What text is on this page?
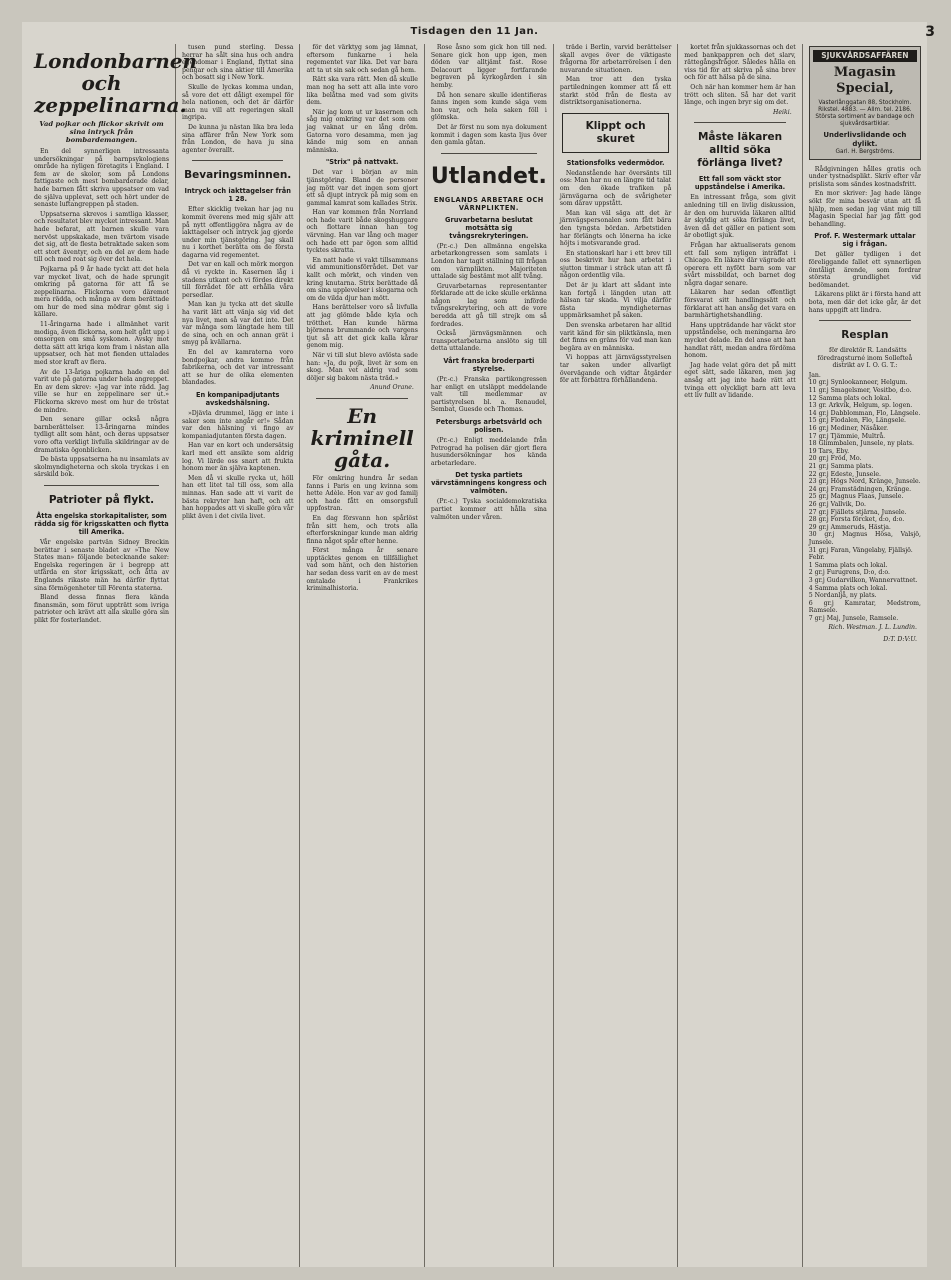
Tisdagen den 11 Jan.	3
Londonbarnen och zeppelinarna.
Vad pojkar och flickor skrivit om sina intryck från bombardemangen.

En del synnerligen intressanta undersökningar på barnpsykologiens område ha nyligen företagits i England. I fem av de skolor, som på Londons fattigaste och mest bombarderade delar, hade barnen fått skriva uppsatser om vad de själva upplevat, sett och hört under de senaste luftangreppen på staden.

Uppsatserna skrevos i samtliga klasser, och resultatet blev mycket intressant. Man hade befarat, att barnen skulle vara nervöst uppskakade, men tvärtom visade det sig, att de flesta betraktade saken som ett stort äventyr, och en del av dem hade till och med roat sig över det hela.

Pojkarna på 9 år hade tyckt att det hela var mycket livat, och de hade sprungit omkring på gatorna för att få se zeppelinarna. Flickorna voro däremot mera rädda, och många av dem berättade om hur de med sina mödrar gömt sig i källare.

11-åringarna hade i allmänhet varit modiga, även flickorna, som helt gått upp i omsorgen om små syskonen. Avsky mot detta sätt att kriga kom fram i nästan alla uppsatser, och hat mot fienden uttalades med stor kraft av flera.

Av de 13-åriga pojkarna hade en del varit ute på gatorna under hela angreppet. En av dem skrev: »Jag var inte rädd. Jag ville se hur en zeppelinare ser ut.» Flickorna skrevo mest om hur de tröstat de mindre.

Den senare gillar också några barnberättelser. 13-åringarna mindes tydligt allt som hänt, och deras uppsatser voro ofta verkligt livfulla skildringar av de dramatiska ögonblicken.

De bästa uppsatserna ha nu insamlats av skolmyndigheterna och skola tryckas i en särskild bok.

Patrioter på flykt.
Åtta engelska storkapitalister, som rädda sig för krigsskatten och flytta till Amerika.

Vår engelske partvän Sidney Breckin berättar i senaste bladet av »The New States man» följande betecknande saker: Engelska regeringen är i begrepp att utfärda en stor krigsskatt, och åtta av Englands rikaste män ha därför flyttat sina förmögenheter till Förenta staterna.

Bland dessa finnas flera kända finansmän, som förut uppträtt som ivriga patrioter och krävt att alla skulle göra sin plikt för fosterlandet.

tusen pund sterling. Dessa herrar ha sålt sina hus och andra egendomar i England, flyttat sina pengar och sina aktier till Amerika och bosatt sig i New York.

Skulle de lyckas komma undan, så vore det ett dåligt exempel för hela nationen, och det är därför man nu vill att regeringen skall ingripa.

De kunna ju nästan lika bra leda sina affärer från New York som från London, de hava ju sina agenter överallt.

Bevaringsminnen.
Intryck och iakttagelser från 1 28.

Efter skicklig tvekan har jag nu kommit överens med mig själv att på nytt offentliggöra några av de iakttagelser och intryck jag gjorde under min tjänstgöring. Jag skall nu i korthet berätta om de första dagarna vid regementet.

Det var en kall och mörk morgon då vi ryckte in. Kasernen låg i stadens utkant och vi fördes direkt till förrådet för att erhålla våra persedlar.

Man kan ju tycka att det skulle ha varit lätt att vänja sig vid det nya livet, men så var det inte. Det var många som längtade hem till de sina, och en och annan grät i smyg på kvällarna.

En del av kamraterna voro bondpojkar, andra kommo från fabrikerna, och det var intressant att se hur de olika elementen blandades.

En kompanipadjutants avskedshälsning.

»Djävla drummel, lägg er inte i saker som inte angår er!» Sådan var den hälsning vi fingo av kompaniadjutanten första dagen.

Han var en kort och undersätsig karl med ett ansikte som aldrig log. Vi lärde oss snart att frukta honom mer än själva kaptenen.

Men då vi skulle rycka ut, höll han ett litet tal till oss, som alla minnas. Han sade att vi varit de bästa rekryter han haft, och att han hoppades att vi skulle göra vår plikt även i det civila livet.

för det värktyg som jag lämnat, eftersom funkarne i hela regementet var lika. Det var bara att ta ut sin sak och sedan gå hem.

Rätt ska vara rätt. Men då skulle man nog ha sett att alla inte voro lika belåtna med vad som givits dem.

När jag kom ut ur kasernen och såg mig omkring var det som om jag vaknat ur en lång dröm. Gatorna voro desamma, men jag kände mig som en annan människa.

"Strix" på nattvakt.

Det var i början av min tjänstgöring. Bland de personer jag mött var det ingen som gjort ett så djupt intryck på mig som en gammal kamrat som kallades Strix.

Han var kommen från Norrland och hade varit både skogshuggare och flottare innan han tog värvning. Han var lång och mager och hade ett par ögon som alltid tycktes skratta.

En natt hade vi vakt tillsammans vid ammunitionsförrådet. Det var kallt och mörkt, och vinden ven kring knutarna. Strix berättade då om sina upplevelser i skogarna och om de vilda djur han mött.

Hans berättelser voro så livfulla att jag glömde både kyla och trötthet. Han kunde härma björnens brummande och vargens tjut så att det gick kalla kårar genom mig.

När vi till slut blevo avlösta sade han: »Ja, du pojk, livet är som en skog. Man vet aldrig vad som döljer sig bakom nästa träd.»

Anund Orane.
En kriminell gåta.

För omkring hundra år sedan fanns i Paris en ung kvinna som hette Adèle. Hon var av god familj och hade fått en omsorgsfull uppfostran.

En dag försvann hon spårlöst från sitt hem, och trots alla efterforskningar kunde man aldrig finna något spår efter henne.

Först många år senare upptäcktes genom en tillfällighet vad som hänt, och den historien har sedan dess varit en av de mest omtalade i Frankrikes kriminalhistoria.

Rose åsno som gick hon till ned. Senare gick hon upp igen, men döden var alltjämt fast. Rose Delacourt ligger fortfarande begraven på kyrkogården i sin hemby.

Då hon senare skulle identifieras fanns ingen som kunde säga vem hon var, och hela saken föll i glömska.

Det är först nu som nya dokument kommit i dagen som kasta ljus över den gamla gåtan.

Utlandet.
ENGLANDS ARBETARE OCH VÄRNPLIKTEN.
Gruvarbetarna beslutat motsätta sig tvångsrekryteringen.

(Pr.-c.) Den allmänna engelska arbetarkongressen som samlats i London har tagit ställning till frågan om värnplikten. Majoriteten uttalade sig bestämt mot allt tvång.

Gruvarbetarnas representanter förklarade att de icke skulle erkänna någon lag som införde tvångsrekrytering, och att de vore beredda att gå till strejk om så fordrades.

Också järnvägsmännen och transportarbetarna anslöto sig till detta uttalande.

Vårt franska broderparti styrelse.

(Pr.-c.) Franska partikongressen har enligt en utsläppt meddelande valt till medlemmar av partistyrelsen bl. a. Renaudel, Sembat, Guesde och Thomas.

Petersburgs arbetsvärld och polisen.

(Pr.-c.) Enligt meddelande från Petrograd ha polisen där gjort flera husundersökningar hos kända arbetarledare.

Det tyska partiets värvstämningens kongress och valmöten.

(Pr.-c.) Tyska socialdemokratiska partiet kommer att hålla sina valmöten under våren.

träde i Berlin, varvid berättelser skall avges över de viktigaste frågorna för arbetarrörelsen i den nuvarande situationen.

Man tror att den tyska partiledningen kommer att få ett starkt stöd från de flesta av distriktsorganisationerna.

Klippt och skuret
Stationsfolks vedermödor.

Nedanstående har översänts till oss: Man har nu en längre tid talat om den ökade trafiken på järnvägarna och de svårigheter som därav uppstått.

Man kan väl säga att det är järnvägspersonalen som fått bära den tyngsta bördan. Arbetstiden har förlängts och lönerna ha icke höjts i motsvarande grad.

En stationskarl har i ett brev till oss beskrivit hur han arbetat i sjutton timmar i sträck utan att få någon ordentlig vila.

Det är ju klart att sådant inte kan fortgå i längden utan att hälsan tar skada. Vi vilja därför fästa myndigheternas uppmärksamhet på saken.

Den svenska arbetaren har alltid varit känd för sin pliktkänsla, men det finns en gräns för vad man kan begära av en människa.

Vi hoppas att järnvägsstyrelsen tar saken under allvarligt övervägande och vidtar åtgärder för att förbättra förhållandena.

kortet från sjukkassornas och det med bankpappren och det slarv, rättegångsfrågor. Således hålla en viss tid för att skriva på sina brev och för att hälsa på de sina.

Och när han kommer hem är han trött och sliten. Så har det varit länge, och ingen bryr sig om det.

Heiki.
Måste läkaren alltid söka förlänga livet?
Ett fall som väckt stor uppståndelse i Amerika.

En intressant fråga, som givit anledning till en livlig diskussion, är den om huruvida läkaren alltid är skyldig att söka förlänga livet, även då det gäller en patient som är obotligt sjuk.

Frågan har aktualiserats genom ett fall som nyligen inträffat i Chicago. En läkare där vägrade att operera ett nyfött barn som var svårt missbildat, och barnet dog några dagar senare.

Läkaren har sedan offentligt försvarat sitt handlingssätt och förklarat att han ansåg det vara en barmhärtighetshandling.

Hans uppträdande har väckt stor uppståndelse, och meningarna äro mycket delade. En del anse att han handlat rätt, medan andra fördöma honom.

Jag hade velat göra det på mitt eget sätt, sade läkaren, men jag ansåg att jag inte hade rätt att tvinga ett olyckligt barn att leva ett liv fullt av lidande.

SJUKVÅRDSAFFÄREN
Magasin Special,
Vasterlånggatan 88, Stockholm.
Rikstel. 4883. — Allm. tel. 2186.
Största sortiment av bandage och sjukvårdsartiklar.
Underlivslidande och dylikt.
Garl. H. Bergströms.

Rådgivningen hålles gratis och under tystnadsplikt. Skriv efter vår prislista som sändes kostnadsfritt.

En mor skriver: Jag hade länge sökt för mina besvär utan att få hjälp, men sedan jag vänt mig till Magasin Special har jag fått god behandling.

Prof. F. Westermark uttalar sig i frågan.

Det gäller tydligen i det föreliggande fallet ett synnerligen ömtåligt ärende, som fordrar största grundlighet vid bedömandet.

Läkarens plikt är i första hand att bota, men där det icke går, är det hans uppgift att lindra.

Resplan

för direktör R. Landsätts föredragsturné inom Sollefteå distrikt av I. O. G. T.:

Jan.
10 gr.j Synlookanneer, Helgum.
11 gr.j Smagelsmer, Vesitbo, d:o.
12 Samma plats och lokal.
13 gr. Arkvik, Helgum, sp. logen.
14 gr.j Dabblomman, Flo, Längsele.
15 gr.j Flodalen, Flo, Längsele.
16 gr.j Mediner, Näsåker.
17 gr.j Tjämmie, Multrå.
18 Glimmbalen, Junsele, ny plats.
19 Tars, Eby.
20 gr.j Fröd, Mo.
21 gr.j Samma plats.
22 gr.j Edeste, Junsele.
23 gr.j Högs Nord, Kränge, Junsele.
24 gr.j Framstädningen, Kränge.
25 gr.j Magnus Flaas, Junsele.
26 gr.j Vallvik, Do.
27 gr.j Fjällets stjärna, Junsele.
28 gr.j Forsta förcket, d:o, d:o.
29 gr.j Ammeruds, Hästja.
30 gr.j Magnus Hösa, Valsjö, Junsele.
31 gr.j Faran, Vängelaby, Fjällsjö.
Febr.
1 Samma plats och lokal.
2 gr.j Furugrens, D:o, d:o.
3 gr.j Gudarvilkon, Wannervattnet.
4 Samma plats och lokal.
5 Nordanljå, ny plats.
6 gr.j Kamratar, Medstrom, Ramsele.
7 gr.j Maj, Junsele, Ramsele.
Rich. Westman. J. L. Lundin.
D:T. D:V:U.
